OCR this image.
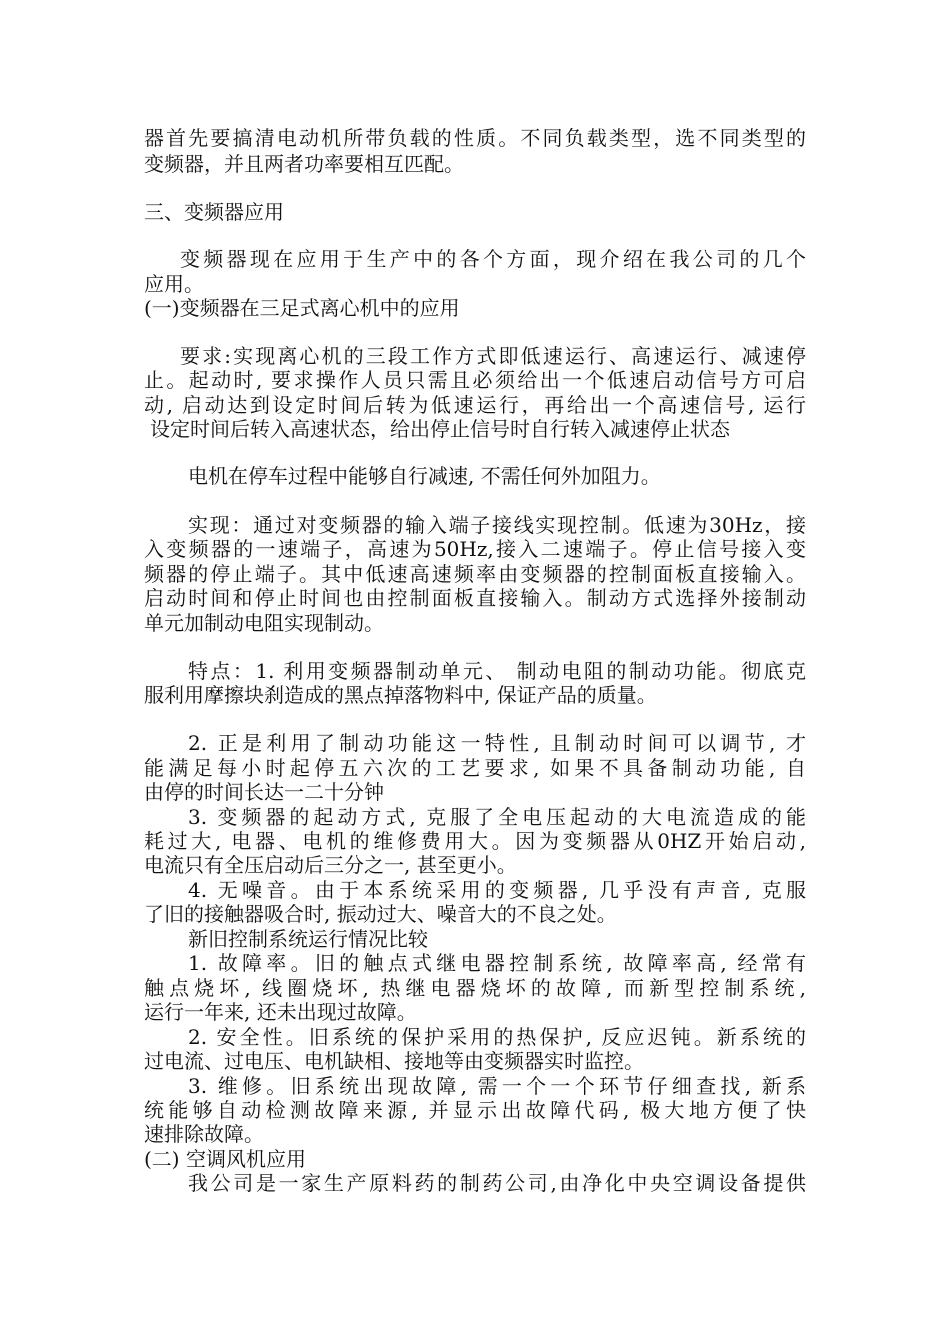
器首先要搞清电动机所带负载的性质。不同负载类型，选不同类型的
变频器，并且两者功率要相互匹配。
三、变频器应用
变频器现在应用于生产中的各个方面，现介绍在我公司的几个
应用。
(一)变频器在三足式离心机中的应用
要求:实现离心机的三段工作方式即低速运行、高速运行、减速停
止。起动时, 要求操作人员只需且必须给出一个低速启动信号方可启
动, 启动达到设定时间后转为低速运行，再给出一个高速信号, 运行
设定时间后转入高速状态，给出停止信号时自行转入减速停止状态
电机在停车过程中能够自行减速, 不需任何外加阻力。
实现：通过对变频器的输入端子接线实现控制。低速为30Hz，接
入变频器的一速端子，高速为50Hz,接入二速端子。停止信号接入变
频器的停止端子。其中低速高速频率由变频器的控制面板直接输入。
启动时间和停止时间也由控制面板直接输入。制动方式选择外接制动
单元加制动电阻实现制动。
特点：1. 利用变频器制动单元、 制动电阻的制动功能。彻底克
服利用摩擦块刹造成的黑点掉落物料中, 保证产品的质量。
2. 正是利用了制动功能这一特性, 且制动时间可以调节, 才
能满足每小时起停五六次的工艺要求, 如果不具备制动功能, 自
由停的时间长达一二十分钟
3. 变频器的起动方式, 克服了全电压起动的大电流造成的能
耗过大, 电器、电机的维修费用大。因为变频器从0HZ开始启动,
电流只有全压启动后三分之一, 甚至更小。
4. 无噪音。由于本系统采用的变频器, 几乎没有声音, 克服
了旧的接触器吸合时, 振动过大、噪音大的不良之处。
新旧控制系统运行情况比较
1. 故障率。旧的触点式继电器控制系统, 故障率高, 经常有
触点烧坏, 线圈烧坏, 热继电器烧坏的故障, 而新型控制系统,
运行一年来, 还未出现过故障。
2. 安全性。旧系统的保护采用的热保护, 反应迟钝。新系统的
过电流、过电压、电机缺相、接地等由变频器实时监控。
3. 维修。旧系统出现故障, 需一个一个环节仔细查找, 新系
统能够自动检测故障来源, 并显示出故障代码, 极大地方便了快
速排除故障。
(二) 空调风机应用
我公司是一家生产原料药的制药公司,由净化中央空调设备提供
